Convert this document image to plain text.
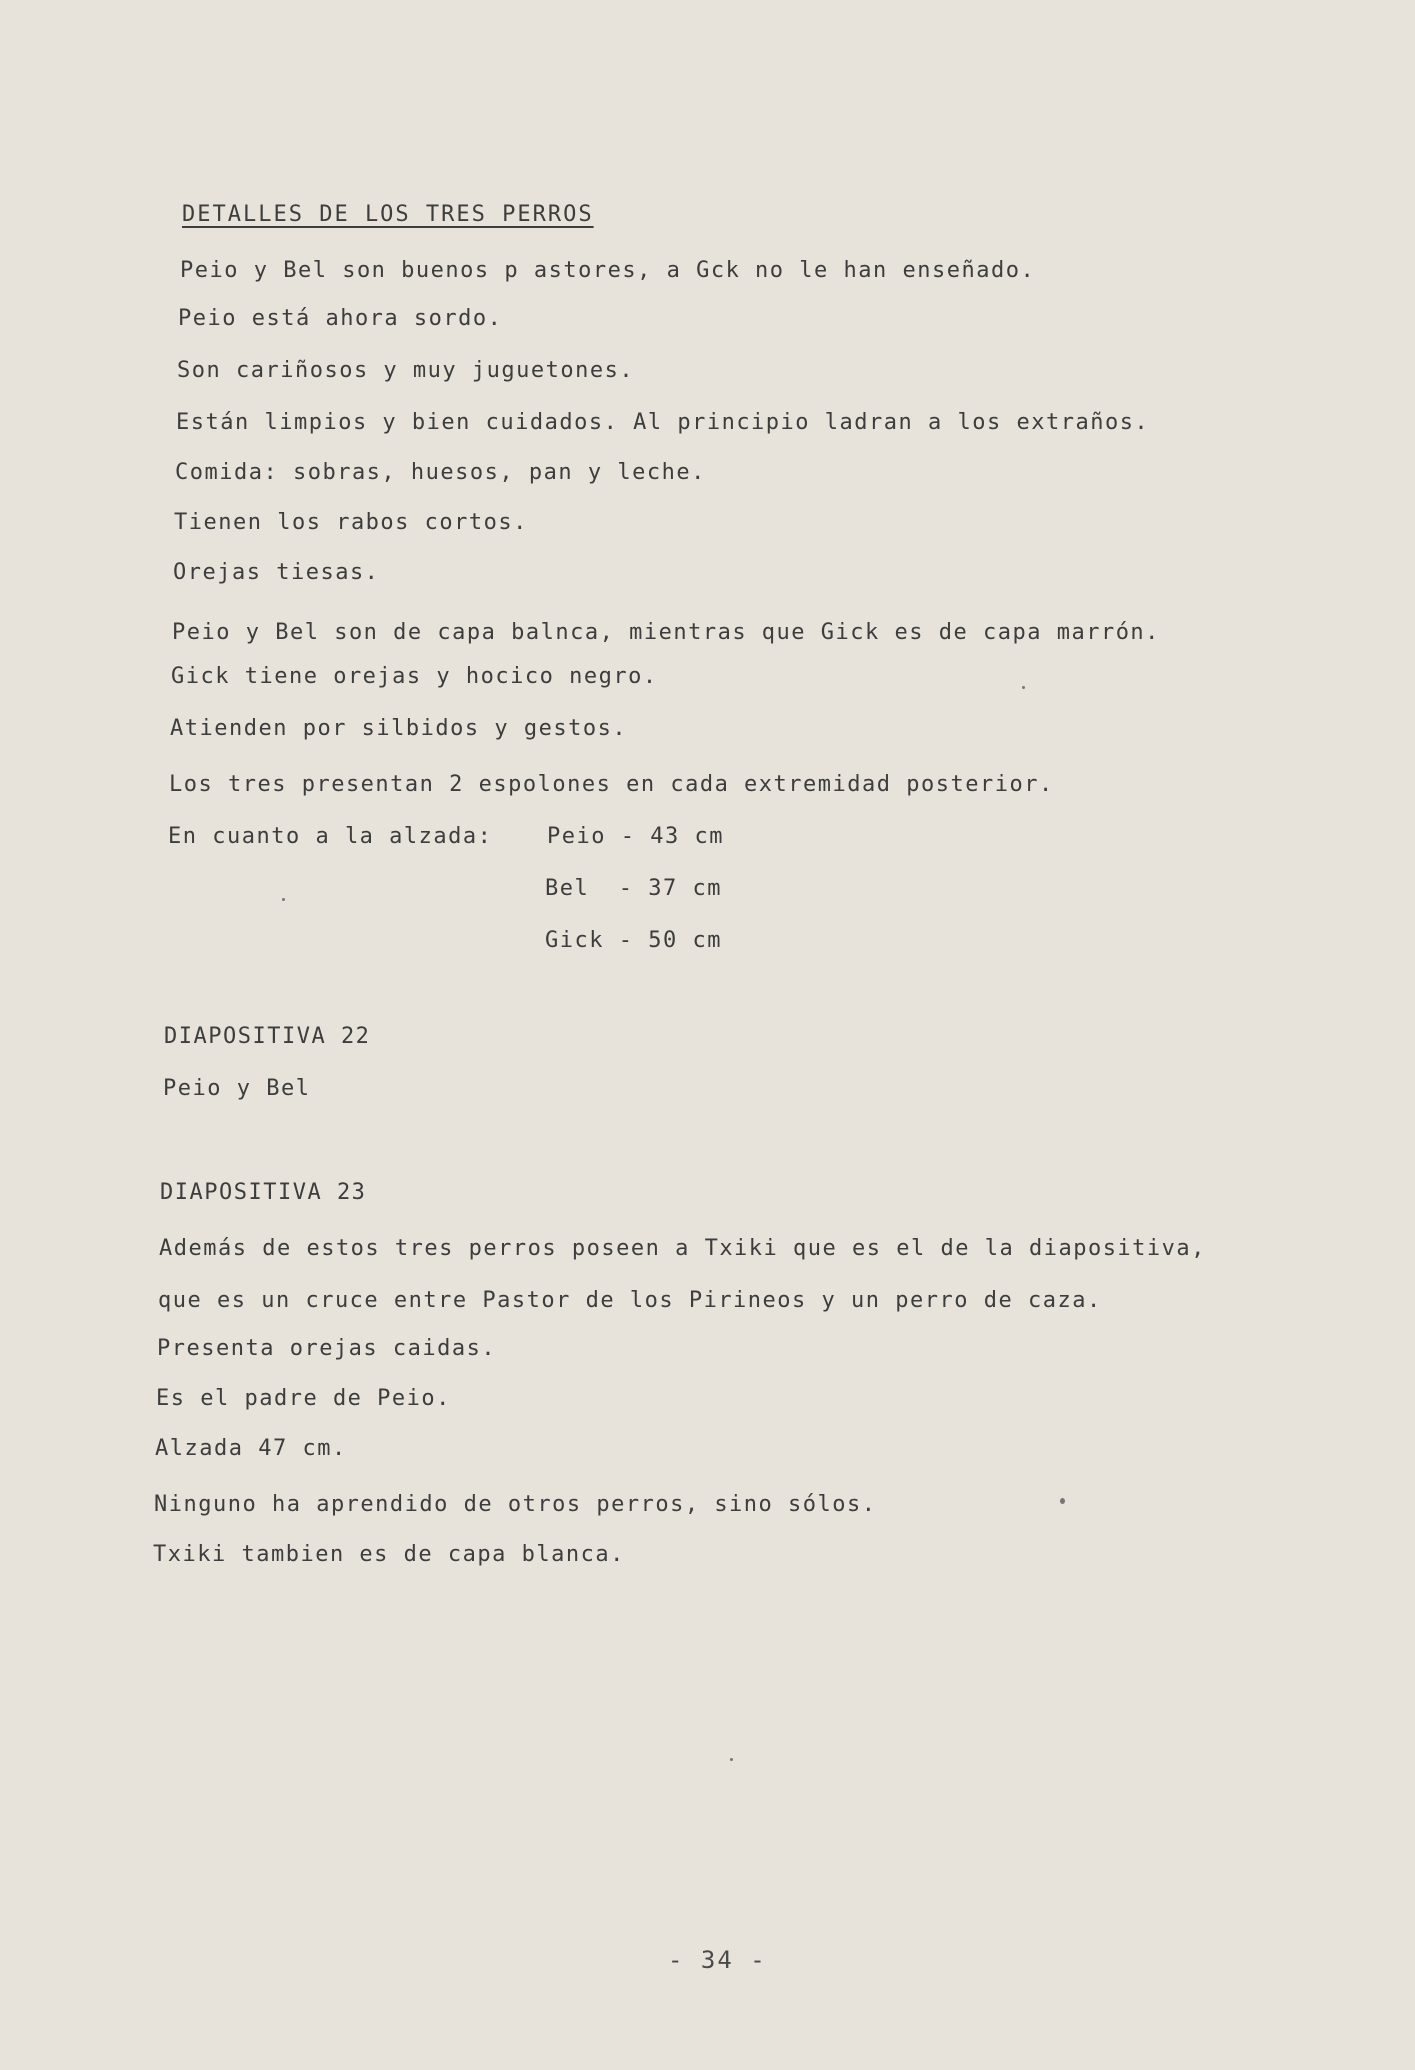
DETALLES DE LOS TRES PERROS
Peio y Bel son buenos p astores, a Gck no le han enseñado.
Peio está ahora sordo.
Son cariñosos y muy juguetones.
Están limpios y bien cuidados. Al principio ladran a los extraños.
Comida: sobras, huesos, pan y leche.
Tienen los rabos cortos.
Orejas tiesas.
Peio y Bel son de capa balnca, mientras que Gick es de capa marrón.
Gick tiene orejas y hocico negro.
Atienden por silbidos y gestos.
Los tres presentan 2 espolones en cada extremidad posterior.
En cuanto a la alzada: Peio - 43 cm
Bel  - 37 cm
Gick - 50 cm
DIAPOSITIVA 22
Peio y Bel
DIAPOSITIVA 23
Además de estos tres perros poseen a Txiki que es el de la diapositiva,
que es un cruce entre Pastor de los Pirineos y un perro de caza.
Presenta orejas caidas.
Es el padre de Peio.
Alzada 47 cm.
Ninguno ha aprendido de otros perros, sino sólos.
Txiki tambien es de capa blanca.
- 34 -
